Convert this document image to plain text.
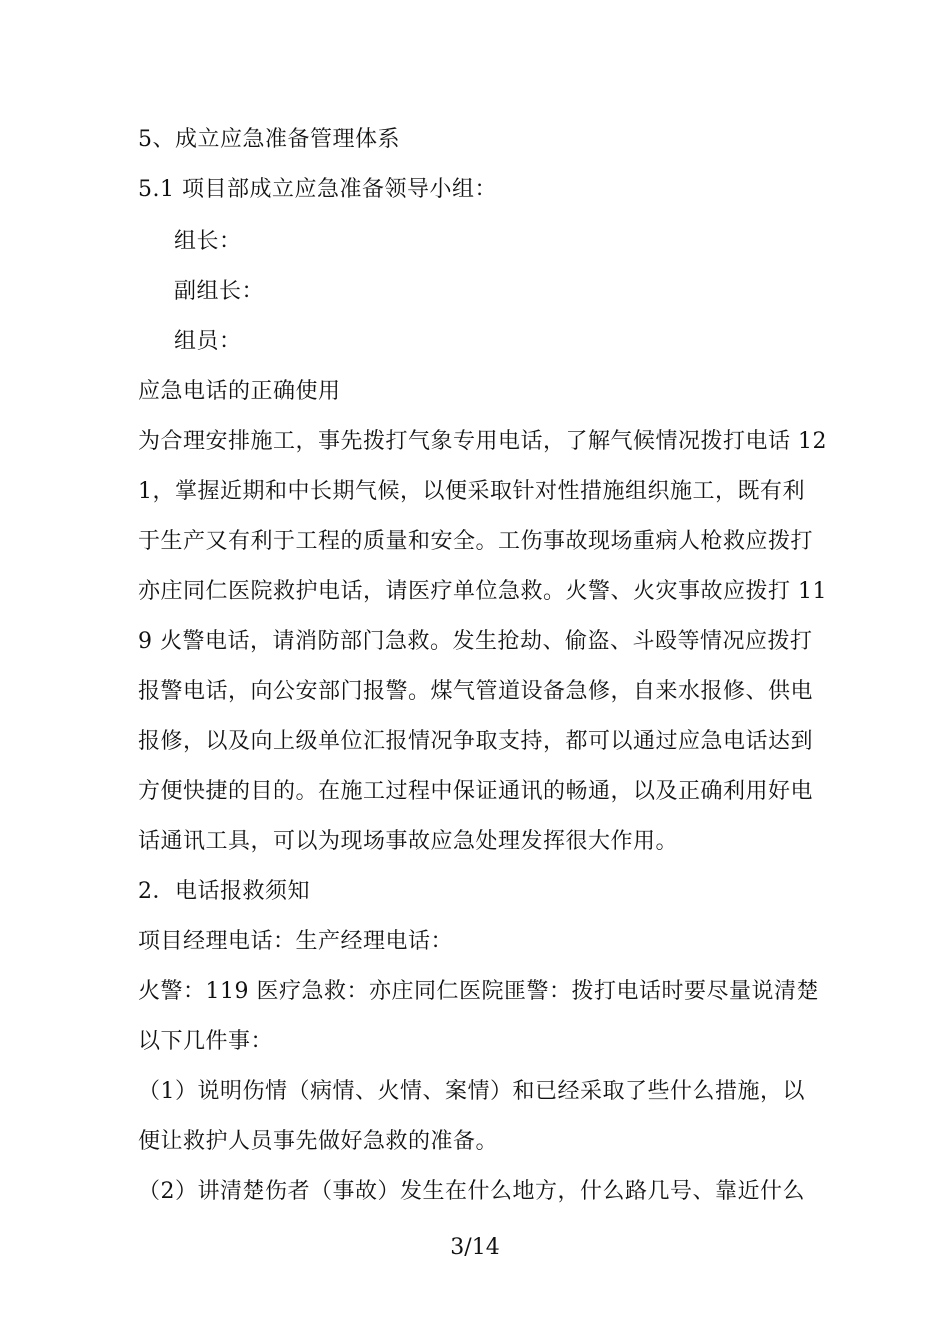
5、成立应急准备管理体系
5.1 项目部成立应急准备领导小组：
组长：
副组长：
组员：
应急电话的正确使用
为合理安排施工，事先拨打气象专用电话，了解气候情况拨打电话 12
1，掌握近期和中长期气候，以便采取针对性措施组织施工，既有利
于生产又有利于工程的质量和安全。工伤事故现场重病人枪救应拨打
亦庄同仁医院救护电话，请医疗单位急救。火警、火灾事故应拨打 11
9 火警电话，请消防部门急救。发生抢劫、偷盗、斗殴等情况应拨打
报警电话，向公安部门报警。煤气管道设备急修，自来水报修、供电
报修，以及向上级单位汇报情况争取支持，都可以通过应急电话达到
方便快捷的目的。在施工过程中保证通讯的畅通，以及正确利用好电
话通讯工具，可以为现场事故应急处理发挥很大作用。
2．电话报救须知
项目经理电话：生产经理电话：
火警：119 医疗急救：亦庄同仁医院匪警：拨打电话时要尽量说清楚
以下几件事：
（1）说明伤情（病情、火情、案情）和已经采取了些什么措施，以
便让救护人员事先做好急救的准备。
（2）讲清楚伤者（事故）发生在什么地方，什么路几号、靠近什么
3/14
